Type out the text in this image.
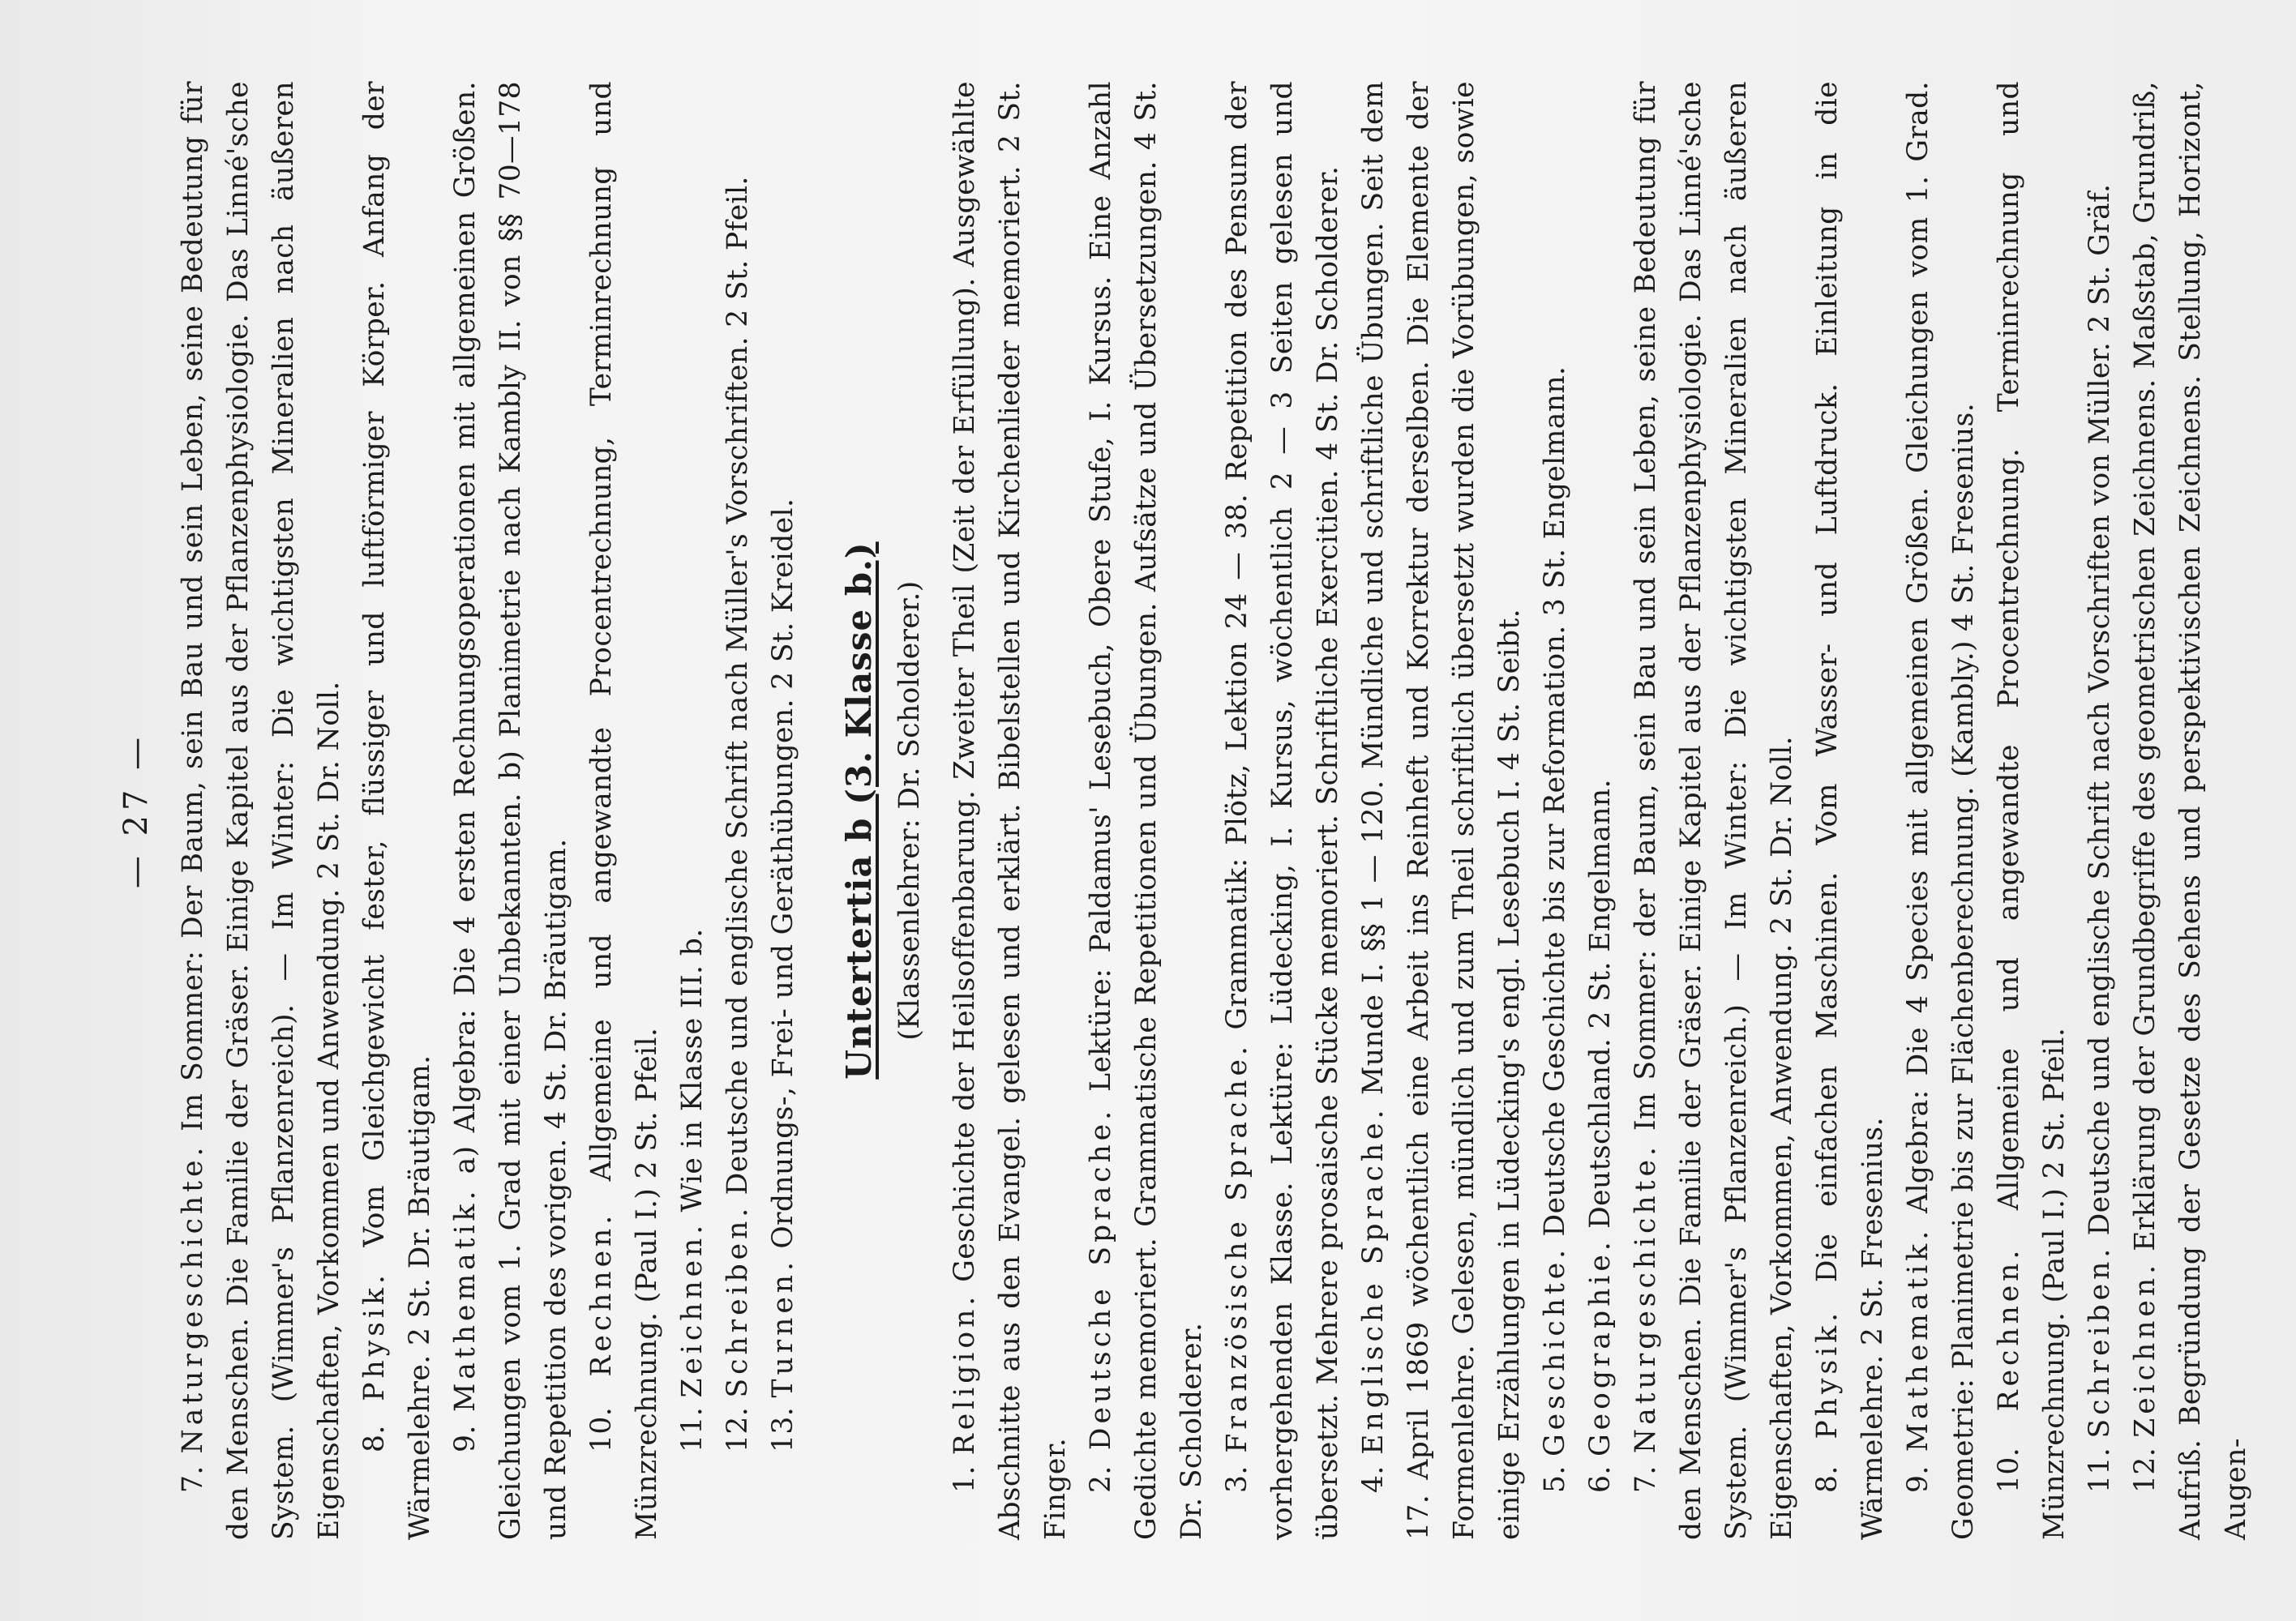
— 27 —

7. Naturgeschichte. Im Sommer: Der Baum, sein Bau und sein Leben, seine Bedeutung für den Menschen. Die Familie der Gräser. Einige Kapitel aus der Pflanzenphysiologie. Das Linné'sche System. (Wimmer's Pflanzenreich). — Im Winter: Die wichtigsten Mineralien nach äußeren Eigenschaften, Vorkommen und Anwendung. 2 St. Dr. Noll. 8. Physik. Vom Gleichgewicht fester, flüssiger und luftförmiger Körper. Anfang der Wärmelehre. 2 St. Dr. Bräutigam. 9. Mathematik. a) Algebra: Die 4 ersten Rechnungsoperationen mit allgemeinen Größen. Gleichungen vom 1. Grad mit einer Unbekannten. b) Planimetrie nach Kambly II. von §§ 70—178 und Repetition des vorigen. 4 St. Dr. Bräutigam. 10. Rechnen. Allgemeine und angewandte Procentrechnung, Terminrechnung und Münzrechnung. (Paul I.) 2 St. Pfeil. 11. Zeichnen. Wie in Klasse III. b.

12. Schreiben. Deutsche und englische Schrift nach Müller's Vorschriften. 2 St. Pfeil.

13. Turnen. Ordnungs-, Frei- und Geräthübungen. 2 St. Kreidel. Untertertia b (3. Klasse b.) (Klassenlehrer: Dr. Scholderer.)

1. Religion. Geschichte der Heilsoffenbarung. Zweiter Theil (Zeit der Erfüllung). Ausgewählte Abschnitte aus den Evangel. gelesen und erklärt. Bibelstellen und Kirchenlieder memoriert. 2 St. Finger. 2. Deutsche Sprache. Lektüre: Paldamus' Lesebuch, Obere Stufe, I. Kursus. Eine Anzahl Gedichte memoriert. Grammatische Repetitionen und Übungen. Aufsätze und Übersetzungen. 4 St. Dr. Scholderer. 3. Französische Sprache. Grammatik: Plötz, Lektion 24 — 38. Repetition des Pensum der vorhergehenden Klasse. Lektüre: Lüdecking, I. Kursus, wöchentlich 2 — 3 Seiten gelesen und übersetzt. Mehrere prosaische Stücke memoriert. Schriftliche Exercitien. 4 St. Dr. Scholderer. 4. Englische Sprache. Munde I. §§ 1 — 120. Mündliche und schriftliche Übungen. Seit dem 17. April 1869 wöchentlich eine Arbeit ins Reinheft und Korrektur derselben. Die Elemente der Formenlehre. Gelesen, mündlich und zum Theil schriftlich übersetzt wurden die Vorübungen, sowie einige Erzählungen in Lüdecking's engl. Lesebuch I. 4 St. Seibt. 5. Geschichte. Deutsche Geschichte bis zur Reformation. 3 St. Engelmann.

6. Geographie. Deutschland. 2 St. Engelmann.

7. Naturgeschichte. Im Sommer: der Baum, sein Bau und sein Leben, seine Bedeutung für den Menschen. Die Familie der Gräser. Einige Kapitel aus der Pflanzenphysiologie. Das Linné'sche System. (Wimmer's Pflanzenreich.) — Im Winter: Die wichtigsten Mineralien nach äußeren Eigenschaften, Vorkommen, Anwendung. 2 St. Dr. Noll. 8. Physik. Die einfachen Maschinen. Vom Wasser- und Luftdruck. Einleitung in die Wärmelehre. 2 St. Fresenius. 9. Mathematik. Algebra: Die 4 Species mit allgemeinen Größen. Gleichungen vom 1. Grad. Geometrie: Planimetrie bis zur Flächenberechnung. (Kambly.) 4 St. Fresenius. 10. Rechnen. Allgemeine und angewandte Procentrechnung. Terminrechnung und Münzrechnung. (Paul I.) 2 St. Pfeil. 11. Schreiben. Deutsche und englische Schrift nach Vorschriften von Müller. 2 St. Gräf.

12. Zeichnen. Erklärung der Grundbegriffe des geometrischen Zeichnens. Maßstab, Grundriß, Aufriß. Begründung der Gesetze des Sehens und perspektivischen Zeichnens. Stellung, Horizont, Augen-
